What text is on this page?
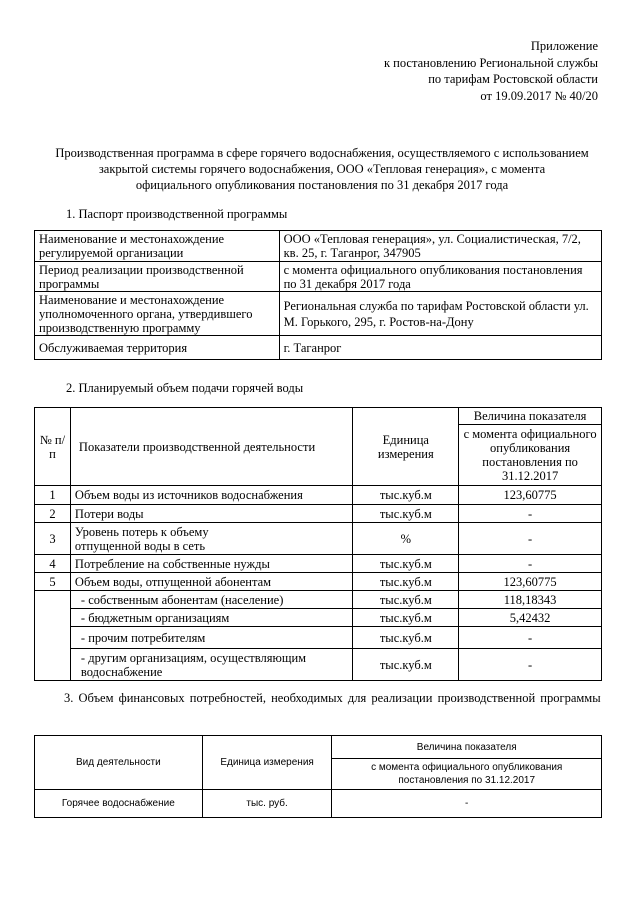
Приложение
к постановлению Региональной службы
по тарифам Ростовской области
от 19.09.2017 № 40/20
Производственная программа в сфере горячего водоснабжения, осуществляемого с использованием
закрытой системы горячего водоснабжения, ООО «Тепловая генерация», с момента
официального опубликования постановления по 31 декабря 2017 года
1. Паспорт производственной программы
Наименование и местонахождение регулируемой организации	ООО «Тепловая генерация», ул. Социалистическая, 7/2, кв. 25, г. Таганрог, 347905
Период реализации производственной программы	с момента официального опубликования постановления по 31 декабря 2017 года
Наименование и местонахождение уполномоченного органа, утвердившего производственную программу	Региональная служба по тарифам Ростовской области ул. М. Горького, 295, г. Ростов-на-Дону
Обслуживаемая территория	г. Таганрог
2. Планируемый объем подачи горячей воды
№ п/п	Показатели производственной деятельности	Единица измерения	Величина показателя
			с момента официального опубликования постановления по 31.12.2017
1	Объем воды из источников водоснабжения	тыс.куб.м	123,60775
2	Потери воды	тыс.куб.м	-
3	Уровень потерь к объему отпущенной воды в сеть	%	-
4	Потребление на собственные нужды	тыс.куб.м	-
5	Объем воды, отпущенной абонентам	тыс.куб.м	123,60775
	- собственным абонентам (население)	тыс.куб.м	118,18343
	- бюджетным организациям	тыс.куб.м	5,42432
	- прочим потребителям	тыс.куб.м	-
	- другим организациям, осуществляющим водоснабжение	тыс.куб.м	-
3. Объем финансовых потребностей, необходимых для реализации производственной программы
Вид деятельности	Единица измерения	Величина показателя
		с момента официального опубликования постановления по 31.12.2017
Горячее водоснабжение	тыс. руб.	-
